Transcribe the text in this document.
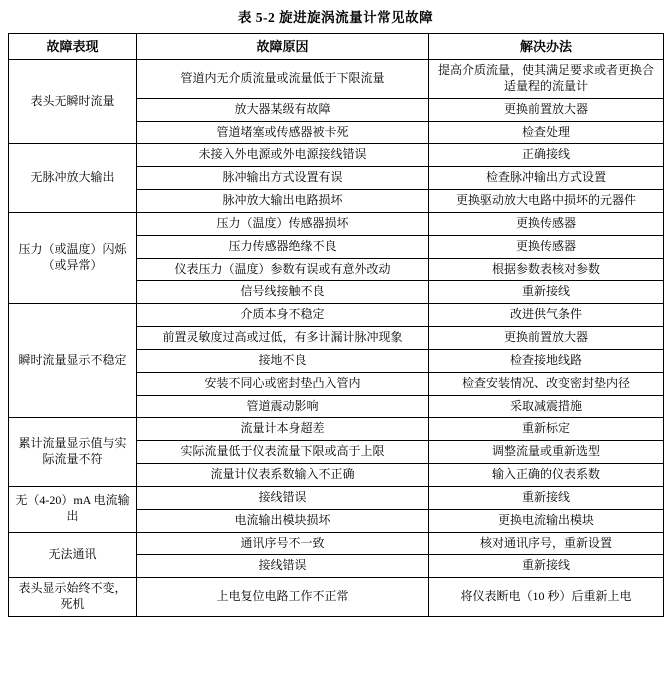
表 5-2 旋进旋涡流量计常见故障
故障表现	故障原因	解决办法
表头无瞬时流量	管道内无介质流量或流量低于下限流量	提高介质流量，使其满足要求或者更换合适量程的流量计
	放大器某级有故障	更换前置放大器
	管道堵塞或传感器被卡死	检查处理
无脉冲放大输出	未接入外电源或外电源接线错误	正确接线
	脉冲输出方式设置有误	检查脉冲输出方式设置
	脉冲放大输出电路损坏	更换驱动放大电路中损坏的元器件
压力（或温度）闪烁（或异常）	压力（温度）传感器损坏	更换传感器
	压力传感器绝缘不良	更换传感器
	仪表压力（温度）参数有误或有意外改动	根据参数表核对参数
	信号线接触不良	重新接线
瞬时流量显示不稳定	介质本身不稳定	改进供气条件
	前置灵敏度过高或过低，有多计漏计脉冲现象	更换前置放大器
	接地不良	检查接地线路
	安装不同心或密封垫凸入管内	检查安装情况、改变密封垫内径
	管道震动影响	采取减震措施
累计流量显示值与实际流量不符	流量计本身超差	重新标定
	实际流量低于仪表流量下限或高于上限	调整流量或重新选型
	流量计仪表系数输入不正确	输入正确的仪表系数
无（4-20）mA 电流输出	接线错误	重新接线
	电流输出模块损坏	更换电流输出模块
无法通讯	通讯序号不一致	核对通讯序号，重新设置
	接线错误	重新接线
表头显示始终不变，死机	上电复位电路工作不正常	将仪表断电（10 秒）后重新上电
